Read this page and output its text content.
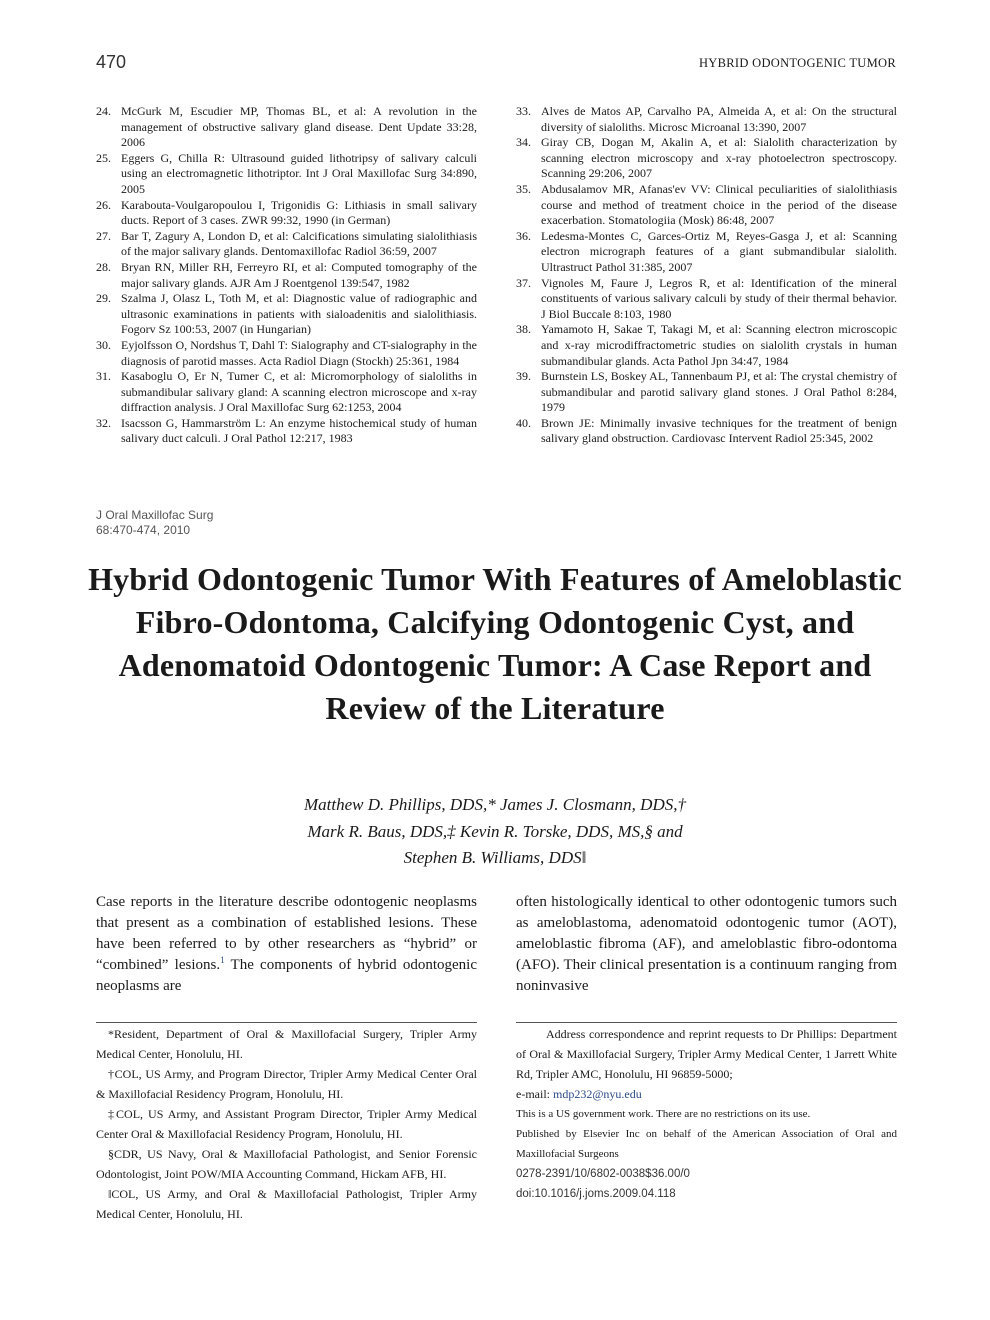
470	HYBRID ODONTOGENIC TUMOR
24. McGurk M, Escudier MP, Thomas BL, et al: A revolution in the management of obstructive salivary gland disease. Dent Update 33:28, 2006
25. Eggers G, Chilla R: Ultrasound guided lithotripsy of salivary calculi using an electromagnetic lithotriptor. Int J Oral Maxillofac Surg 34:890, 2005
26. Karabouta-Voulgaropoulou I, Trigonidis G: Lithiasis in small salivary ducts. Report of 3 cases. ZWR 99:32, 1990 (in German)
27. Bar T, Zagury A, London D, et al: Calcifications simulating sialolithiasis of the major salivary glands. Dentomaxillofac Radiol 36:59, 2007
28. Bryan RN, Miller RH, Ferreyro RI, et al: Computed tomography of the major salivary glands. AJR Am J Roentgenol 139:547, 1982
29. Szalma J, Olasz L, Toth M, et al: Diagnostic value of radiographic and ultrasonic examinations in patients with sialoadenitis and sialolithiasis. Fogorv Sz 100:53, 2007 (in Hungarian)
30. Eyjolfsson O, Nordshus T, Dahl T: Sialography and CT-sialography in the diagnosis of parotid masses. Acta Radiol Diagn (Stockh) 25:361, 1984
31. Kasaboglu O, Er N, Tumer C, et al: Micromorphology of sialoliths in submandibular salivary gland: A scanning electron microscope and x-ray diffraction analysis. J Oral Maxillofac Surg 62:1253, 2004
32. Isacsson G, Hammarström L: An enzyme histochemical study of human salivary duct calculi. J Oral Pathol 12:217, 1983
33. Alves de Matos AP, Carvalho PA, Almeida A, et al: On the structural diversity of sialoliths. Microsc Microanal 13:390, 2007
34. Giray CB, Dogan M, Akalin A, et al: Sialolith characterization by scanning electron microscopy and x-ray photoelectron spectroscopy. Scanning 29:206, 2007
35. Abdusalamov MR, Afanas'ev VV: Clinical peculiarities of sialolithiasis course and method of treatment choice in the period of the disease exacerbation. Stomatologiia (Mosk) 86:48, 2007
36. Ledesma-Montes C, Garces-Ortiz M, Reyes-Gasga J, et al: Scanning electron micrograph features of a giant submandibular sialolith. Ultrastruct Pathol 31:385, 2007
37. Vignoles M, Faure J, Legros R, et al: Identification of the mineral constituents of various salivary calculi by study of their thermal behavior. J Biol Buccale 8:103, 1980
38. Yamamoto H, Sakae T, Takagi M, et al: Scanning electron microscopic and x-ray microdiffractometric studies on sialolith crystals in human submandibular glands. Acta Pathol Jpn 34:47, 1984
39. Burnstein LS, Boskey AL, Tannenbaum PJ, et al: The crystal chemistry of submandibular and parotid salivary gland stones. J Oral Pathol 8:284, 1979
40. Brown JE: Minimally invasive techniques for the treatment of benign salivary gland obstruction. Cardiovasc Intervent Radiol 25:345, 2002
J Oral Maxillofac Surg
68:470-474, 2010
Hybrid Odontogenic Tumor With Features of Ameloblastic Fibro-Odontoma, Calcifying Odontogenic Cyst, and Adenomatoid Odontogenic Tumor: A Case Report and Review of the Literature
Matthew D. Phillips, DDS,* James J. Closmann, DDS,†
Mark R. Baus, DDS,‡ Kevin R. Torske, DDS, MS,§ and
Stephen B. Williams, DDS‖
Case reports in the literature describe odontogenic neoplasms that present as a combination of established lesions. These have been referred to by other researchers as “hybrid” or “combined” lesions.$^1$ The components of hybrid odontogenic neoplasms are
often histologically identical to other odontogenic tumors such as ameloblastoma, adenomatoid odontogenic tumor (AOT), ameloblastic fibroma (AF), and ameloblastic fibro-odontoma (AFO). Their clinical presentation is a continuum ranging from noninvasive

*Resident, Department of Oral & Maxillofacial Surgery, Tripler Army Medical Center, Honolulu, HI.

†COL, US Army, and Program Director, Tripler Army Medical Center Oral & Maxillofacial Residency Program, Honolulu, HI.

‡COL, US Army, and Assistant Program Director, Tripler Army Medical Center Oral & Maxillofacial Residency Program, Honolulu, HI.

§CDR, US Navy, Oral & Maxillofacial Pathologist, and Senior Forensic Odontologist, Joint POW/MIA Accounting Command, Hickam AFB, HI.

‖COL, US Army, and Oral & Maxillofacial Pathologist, Tripler Army Medical Center, Honolulu, HI.

Address correspondence and reprint requests to Dr Phillips: Department of Oral & Maxillofacial Surgery, Tripler Army Medical Center, 1 Jarrett White Rd, Tripler AMC, Honolulu, HI 96859-5000;

e-mail: mdp232@nyu.edu

This is a US government work. There are no restrictions on its use.

Published by Elsevier Inc on behalf of the American Association of Oral and Maxillofacial Surgeons

0278-2391/10/6802-0038$36.00/0

doi:10.1016/j.joms.2009.04.118
